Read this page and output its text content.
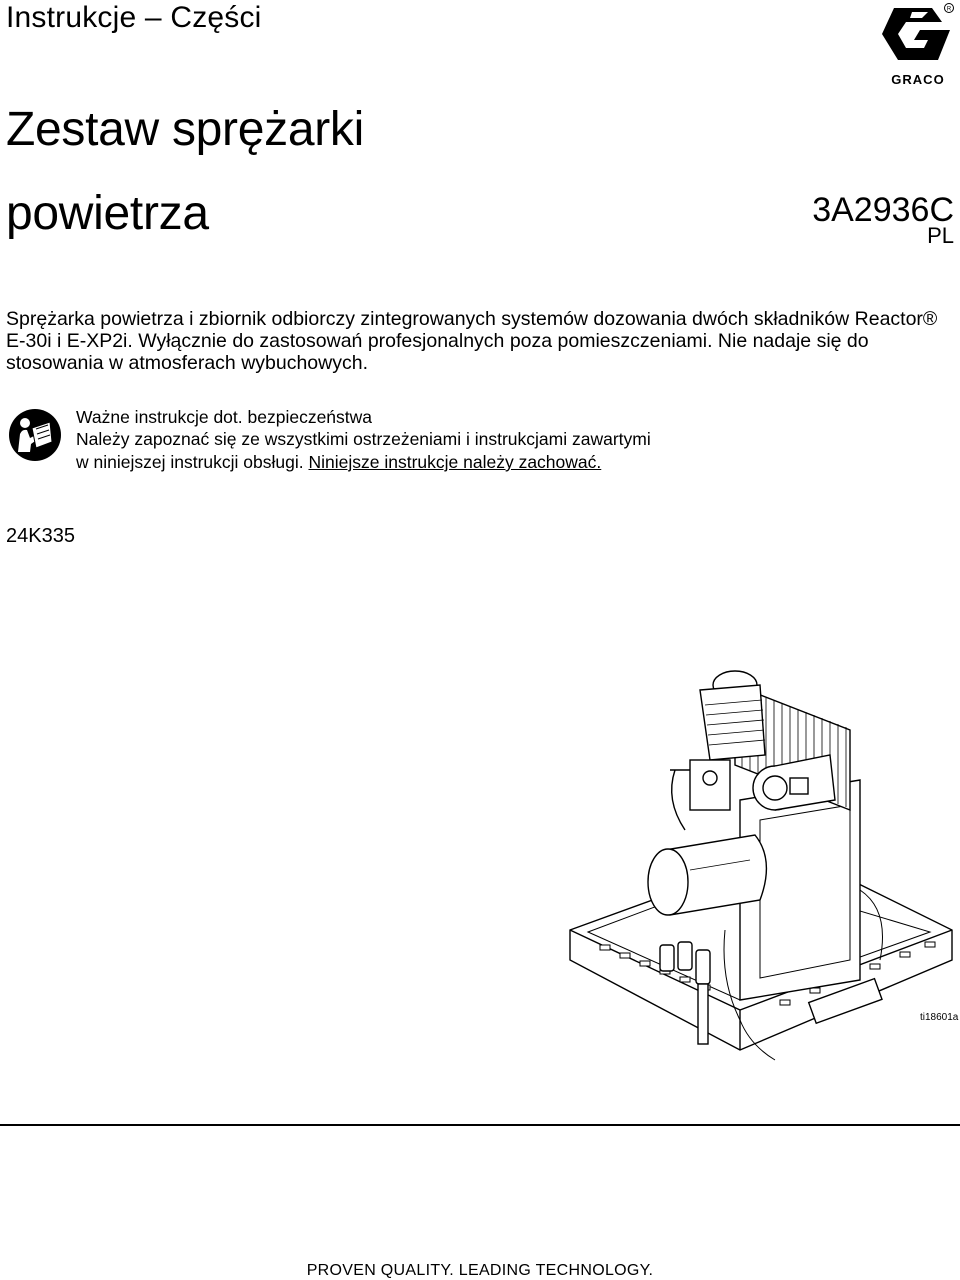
Instrukcje – Części	R
GRACO
Zestaw sprężarki
powietrza	3A2936C
PL
Sprężarka powietrza i zbiornik odbiorczy zintegrowanych systemów dozowania dwóch składników Reactor® E-30i i E-XP2i. Wyłącznie do zastosowań profesjonalnych poza pomieszczeniami. Nie nadaje się do stosowania w atmosferach wybuchowych.
Ważne instrukcje dot. bezpieczeństwa
Należy zapoznać się ze wszystkimi ostrzeżeniami i instrukcjami zawartymi w niniejszej instrukcji obsługi. Niniejsze instrukcje należy zachować.
24K335
ti18601a
PROVEN QUALITY. LEADING TECHNOLOGY.
